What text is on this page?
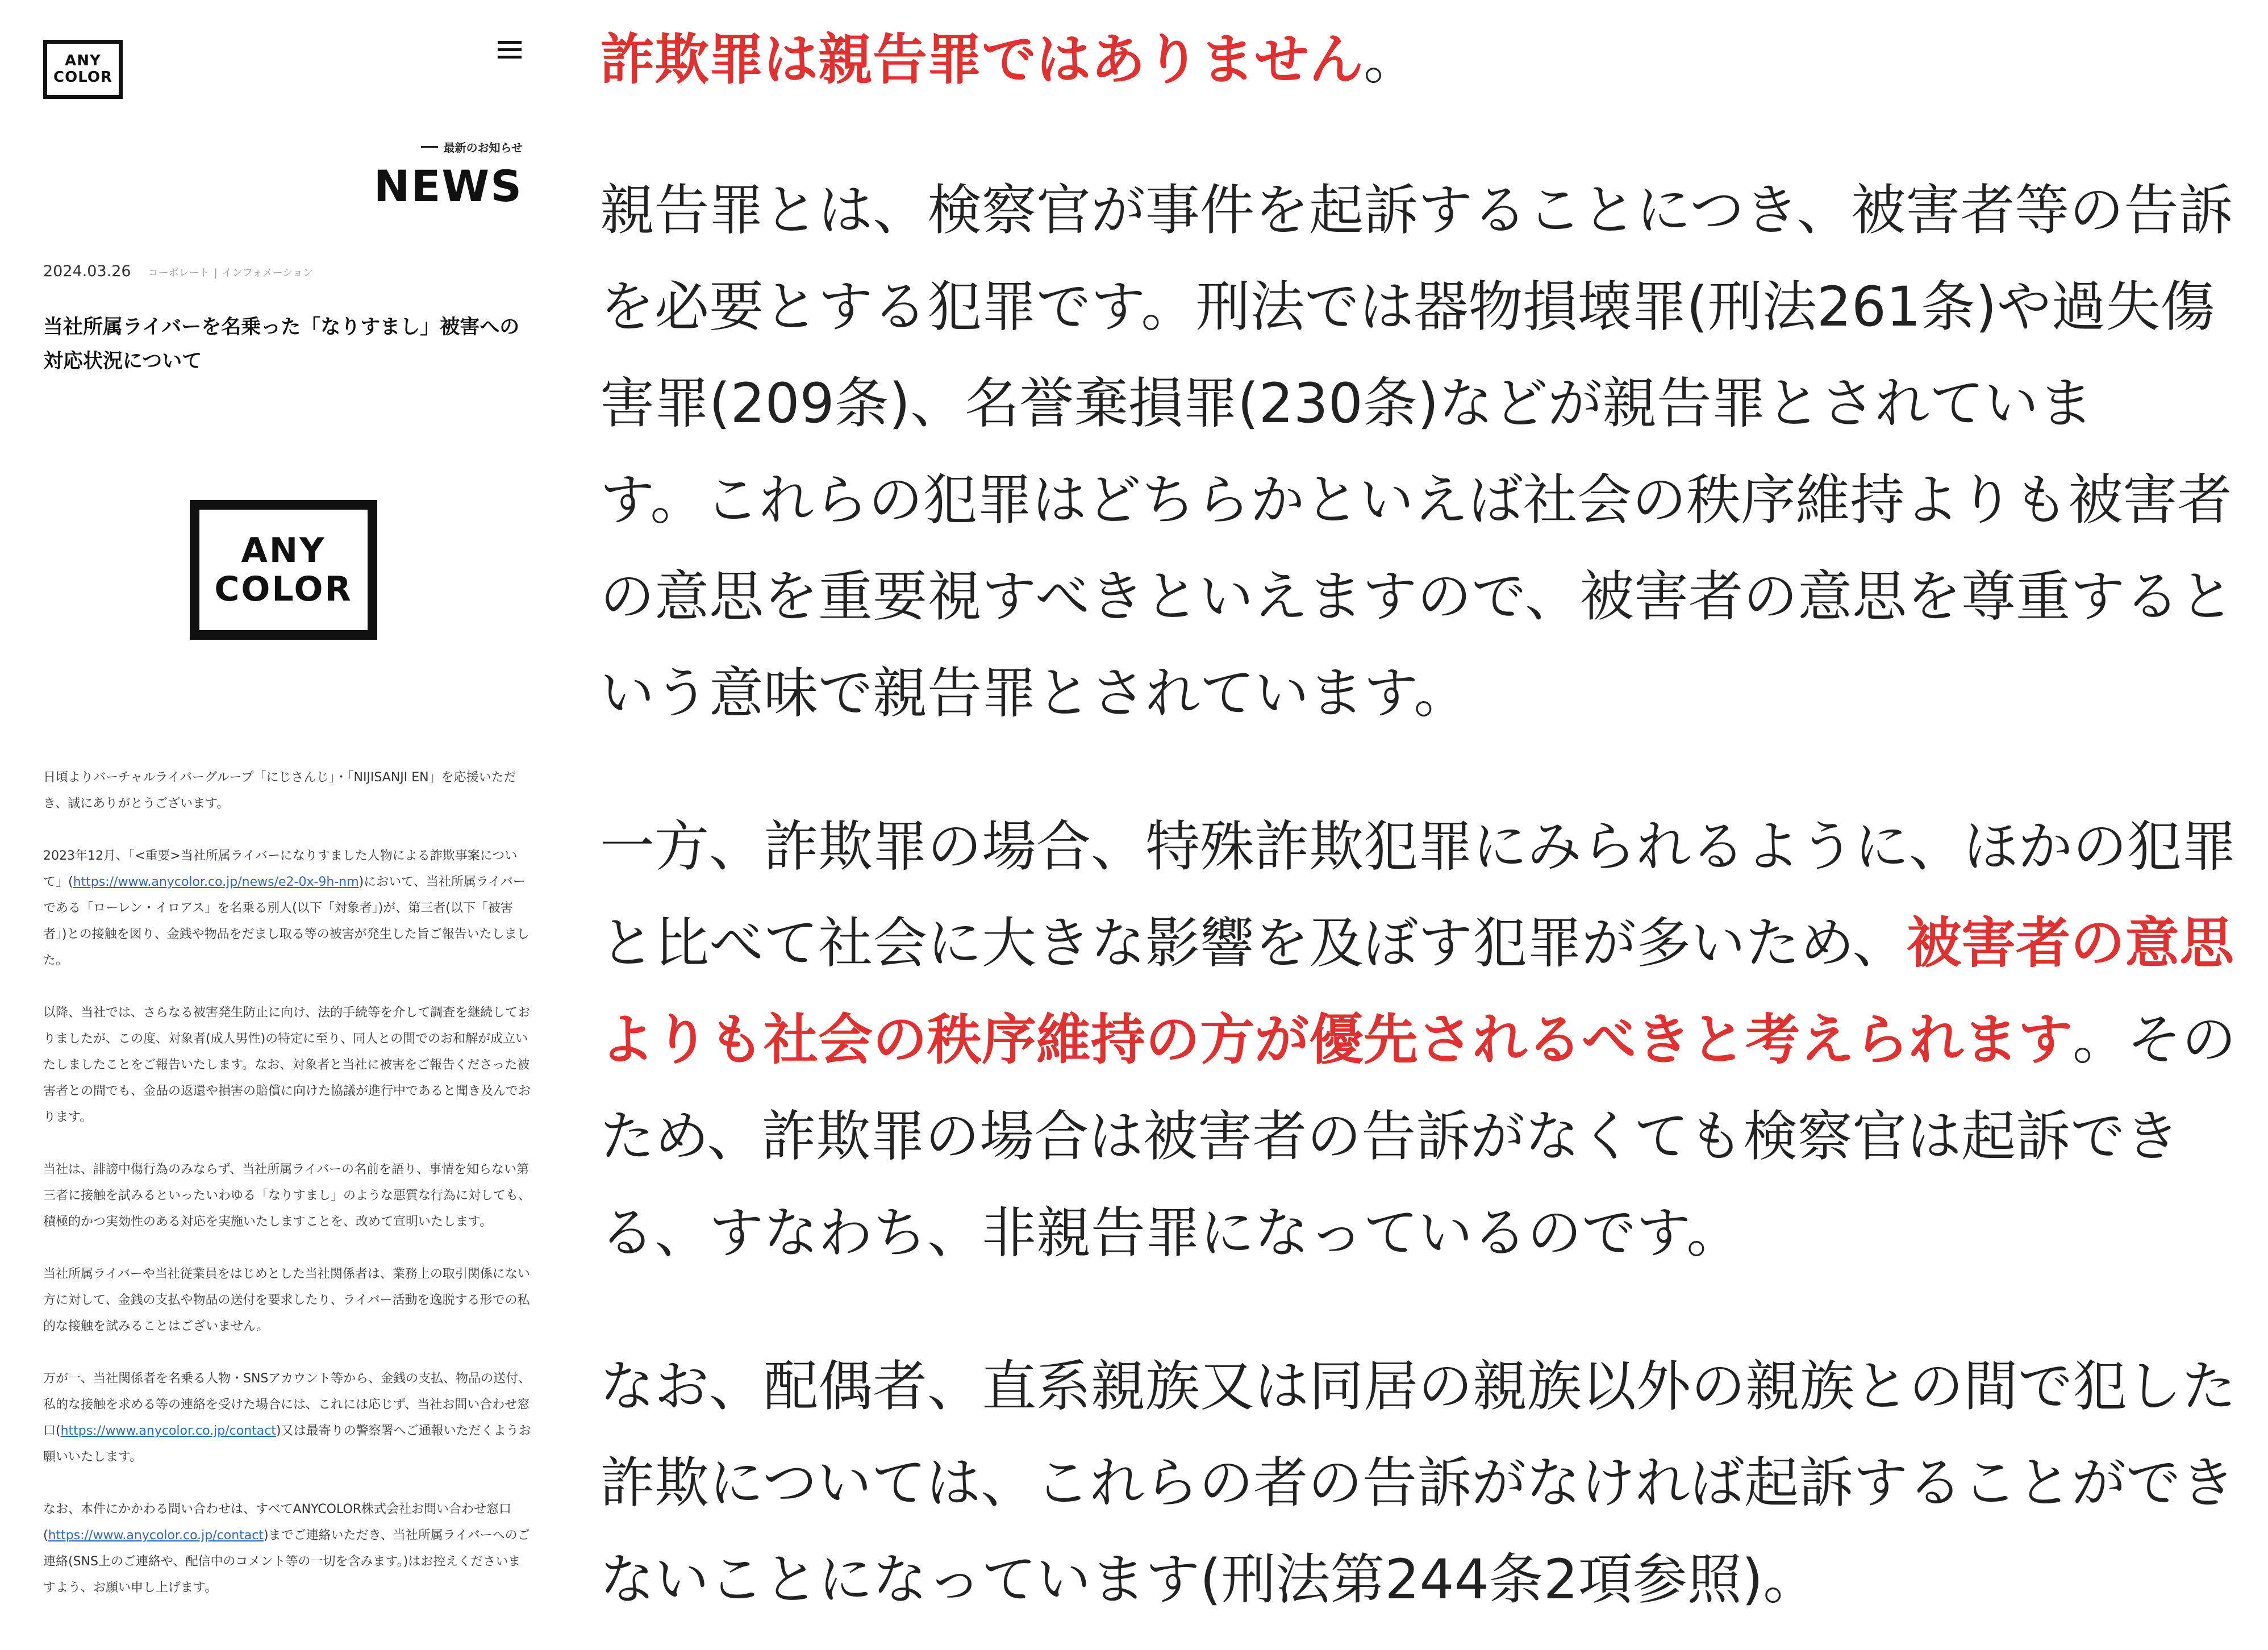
ANY
COLOR
最新のお知らせ
NEWS
2024.03.26 コーポレート | インフォメーション
当社所属ライバーを名乗った「なりすまし」被害への対応状況について
ANY
COLOR

日頃よりバーチャルライバーグループ「にじさんじ」・「NIJISANJI EN」を応援いただき、誠にありがとうございます。

2023年12月、「<重要>当社所属ライバーになりすました人物による詐欺事案について」(https://www.anycolor.co.jp/news/e2-0x-9h-nm)において、当社所属ライバーである「ローレン・イロアス」を名乗る別人(以下「対象者」)が、第三者(以下「被害者」)との接触を図り、金銭や物品をだまし取る等の被害が発生した旨ご報告いたしました。

以降、当社では、さらなる被害発生防止に向け、法的手続等を介して調査を継続しておりましたが、この度、対象者(成人男性)の特定に至り、同人との間でのお和解が成立いたしましたことをご報告いたします。なお、対象者と当社に被害をご報告くださった被害者との間でも、金品の返還や損害の賠償に向けた協議が進行中であると聞き及んでおります。

当社は、誹謗中傷行為のみならず、当社所属ライバーの名前を語り、事情を知らない第三者に接触を試みるといったいわゆる「なりすまし」のような悪質な行為に対しても、積極的かつ実効性のある対応を実施いたしますことを、改めて宣明いたします。

当社所属ライバーや当社従業員をはじめとした当社関係者は、業務上の取引関係にない方に対して、金銭の支払や物品の送付を要求したり、ライバー活動を逸脱する形での私的な接触を試みることはございません。

万が一、当社関係者を名乗る人物・SNSアカウント等から、金銭の支払、物品の送付、私的な接触を求める等の連絡を受けた場合には、これには応じず、当社お問い合わせ窓口(https://www.anycolor.co.jp/contact)又は最寄りの警察署へご通報いただくようお願いいたします。

なお、本件にかかわる問い合わせは、すべてANYCOLOR株式会社お問い合わせ窓口(https://www.anycolor.co.jp/contact)までご連絡いただき、当社所属ライバーへのご連絡(SNS上のご連絡や、配信中のコメント等の一切を含みます。)はお控えくださいますよう、お願い申し上げます。

詐欺罪は親告罪ではありません。
親告罪とは、検察官が事件を起訴することにつき、被害者等の告訴
を必要とする犯罪です。刑法では器物損壊罪(刑法261条)や過失傷
害罪(209条)、名誉棄損罪(230条)などが親告罪とされていま
す。これらの犯罪はどちらかといえば社会の秩序維持よりも被害者
の意思を重要視すべきといえますので、被害者の意思を尊重すると
いう意味で親告罪とされています。
一方、詐欺罪の場合、特殊詐欺犯罪にみられるように、ほかの犯罪
と比べて社会に大きな影響を及ぼす犯罪が多いため、被害者の意思
よりも社会の秩序維持の方が優先されるべきと考えられます。その
ため、詐欺罪の場合は被害者の告訴がなくても検察官は起訴でき
る、すなわち、非親告罪になっているのです。
なお、配偶者、直系親族又は同居の親族以外の親族との間で犯した
詐欺については、これらの者の告訴がなければ起訴することができ
ないことになっています(刑法第244条2項参照)。
